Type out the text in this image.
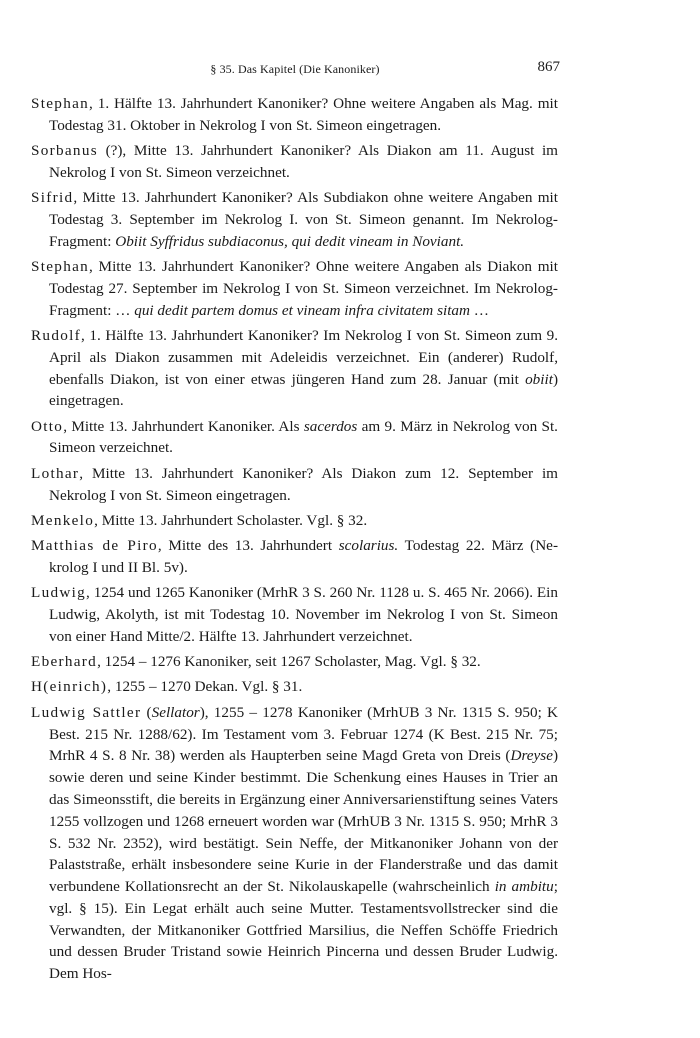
§ 35. Das Kapitel (Die Kanoniker)	867

Stephan, 1. Hälfte 13. Jahrhundert Kanoniker? Ohne weitere Angaben als Mag. mit Todestag 31. Oktober in Nekrolog I von St. Simeon eingetragen.

Sorbanus (?), Mitte 13. Jahrhundert Kanoniker? Als Diakon am 11. August im Nekrolog I von St. Simeon verzeichnet.

Sifrid, Mitte 13. Jahrhundert Kanoniker? Als Subdiakon ohne weitere Angaben mit Todestag 3. September im Nekrolog I. von St. Simeon genannt. Im Nekrolog-Fragment: Obiit Syffridus subdiaconus, qui dedit vineam in Noviant.

Stephan, Mitte 13. Jahrhundert Kanoniker? Ohne weitere Angaben als Diakon mit Todestag 27. September im Nekrolog I von St. Simeon verzeichnet. Im Nekrolog-Fragment: … qui dedit partem domus et vineam infra civitatem sitam …

Rudolf, 1. Hälfte 13. Jahrhundert Kanoniker? Im Nekrolog I von St. Simeon zum 9. April als Diakon zusammen mit Adeleidis verzeichnet. Ein (anderer) Rudolf, ebenfalls Diakon, ist von einer etwas jüngeren Hand zum 28. Januar (mit obiit) eingetragen.

Otto, Mitte 13. Jahrhundert Kanoniker. Als sacerdos am 9. März in Nekrolog von St. Simeon verzeichnet.

Lothar, Mitte 13. Jahrhundert Kanoniker? Als Diakon zum 12. September im Nekrolog I von St. Simeon eingetragen.

Menkelo, Mitte 13. Jahrhundert Scholaster. Vgl. § 32.

Matthias de Piro, Mitte des 13. Jahrhundert scolarius. Todestag 22. März (Nekrolog I und II Bl. 5v).

Ludwig, 1254 und 1265 Kanoniker (MrhR 3 S. 260 Nr. 1128 u. S. 465 Nr. 2066). Ein Ludwig, Akolyth, ist mit Todestag 10. November im Nekrolog I von St. Simeon von einer Hand Mitte/2. Hälfte 13. Jahrhundert verzeichnet.

Eberhard, 1254 – 1276 Kanoniker, seit 1267 Scholaster, Mag. Vgl. § 32.

H(einrich), 1255 – 1270 Dekan. Vgl. § 31.

Ludwig Sattler (Sellator), 1255 – 1278 Kanoniker (MrhUB 3 Nr. 1315 S. 950; K Best. 215 Nr. 1288/62). Im Testament vom 3. Februar 1274 (K Best. 215 Nr. 75; MrhR 4 S. 8 Nr. 38) werden als Haupterben seine Magd Greta von Dreis (Dreyse) sowie deren und seine Kinder bestimmt. Die Schenkung eines Hauses in Trier an das Simeonsstift, die bereits in Ergänzung einer Anniversarienstiftung seines Vaters 1255 vollzogen und 1268 erneuert worden war (MrhUB 3 Nr. 1315 S. 950; MrhR 3 S. 532 Nr. 2352), wird bestätigt. Sein Neffe, der Mitkanoniker Johann von der Palaststraße, erhält insbesondere seine Kurie in der Flanderstraße und das damit verbundene Kollationsrecht an der St. Nikolauskapelle (wahrscheinlich in ambitu; vgl. § 15). Ein Legat erhält auch seine Mutter. Testamentsvollstrecker sind die Verwandten, der Mitkanoniker Gottfried Marsilius, die Neffen Schöffe Friedrich und dessen Bruder Tristand sowie Heinrich Pincerna und dessen Bruder Ludwig. Dem Hos-
